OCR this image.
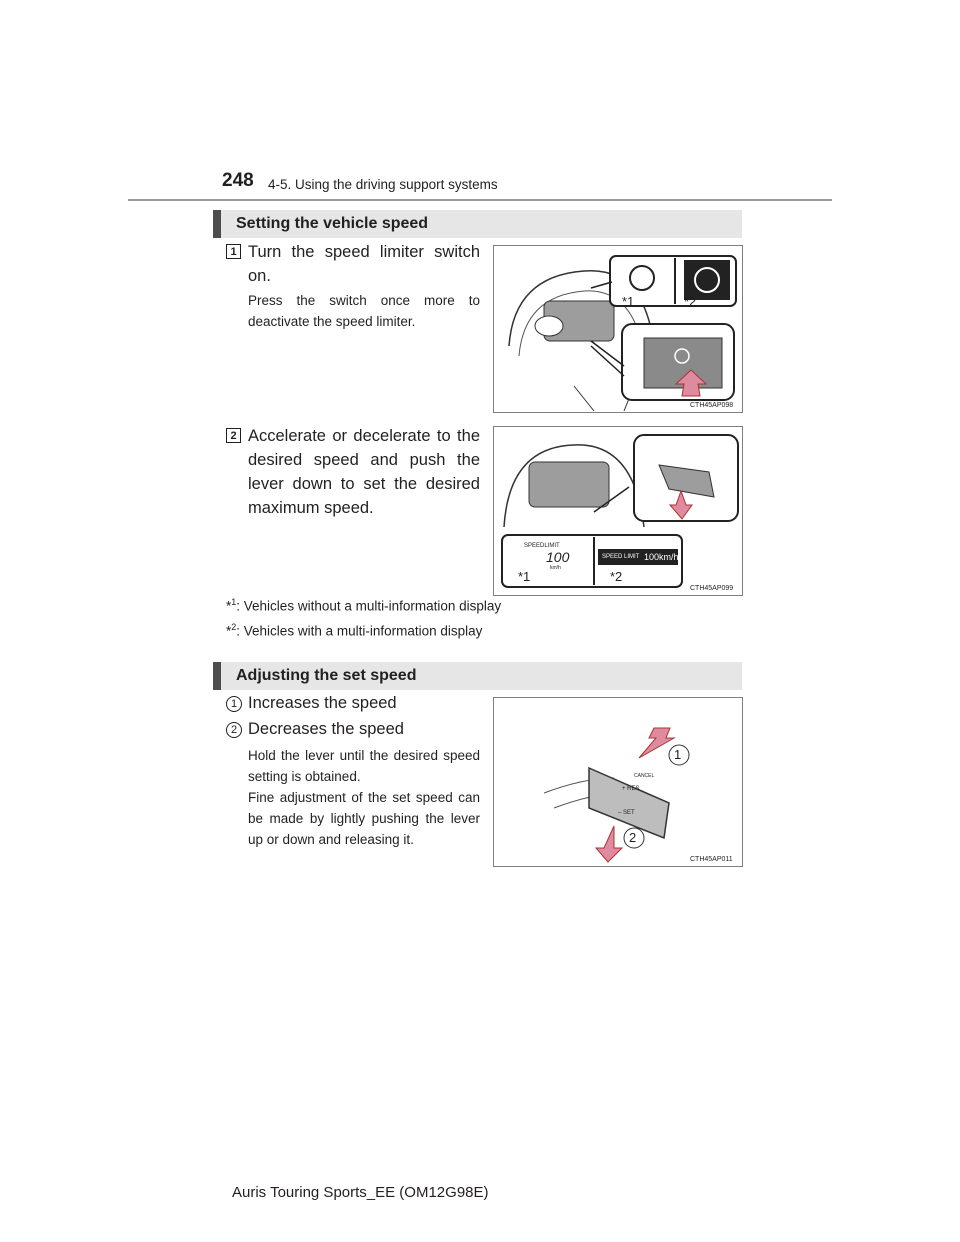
248 4-5. Using the driving support systems
Setting the vehicle speed
1 Turn the speed limiter switch on.
Press the switch once more to deactivate the speed limiter.
*1	*2
CTH45AP098
2 Accelerate or decelerate to the desired speed and push the lever down to set the desired maximum speed.
SPEEDLIMIT
100
km/h
SPEED LIMIT 100km/h
*1	*2
CTH45AP099
*$^1$: Vehicles without a multi-information display
*$^2$: Vehicles with a multi-information display
Adjusting the set speed
1 Increases the speed
2 Decreases the speed
Hold the lever until the desired speed setting is obtained.
Fine adjustment of the set speed can be made by lightly pushing the lever up or down and releasing it.
1
2
CANCEL
+ RES
– SET
CTH45AP011
Auris Touring Sports_EE (OM12G98E)
